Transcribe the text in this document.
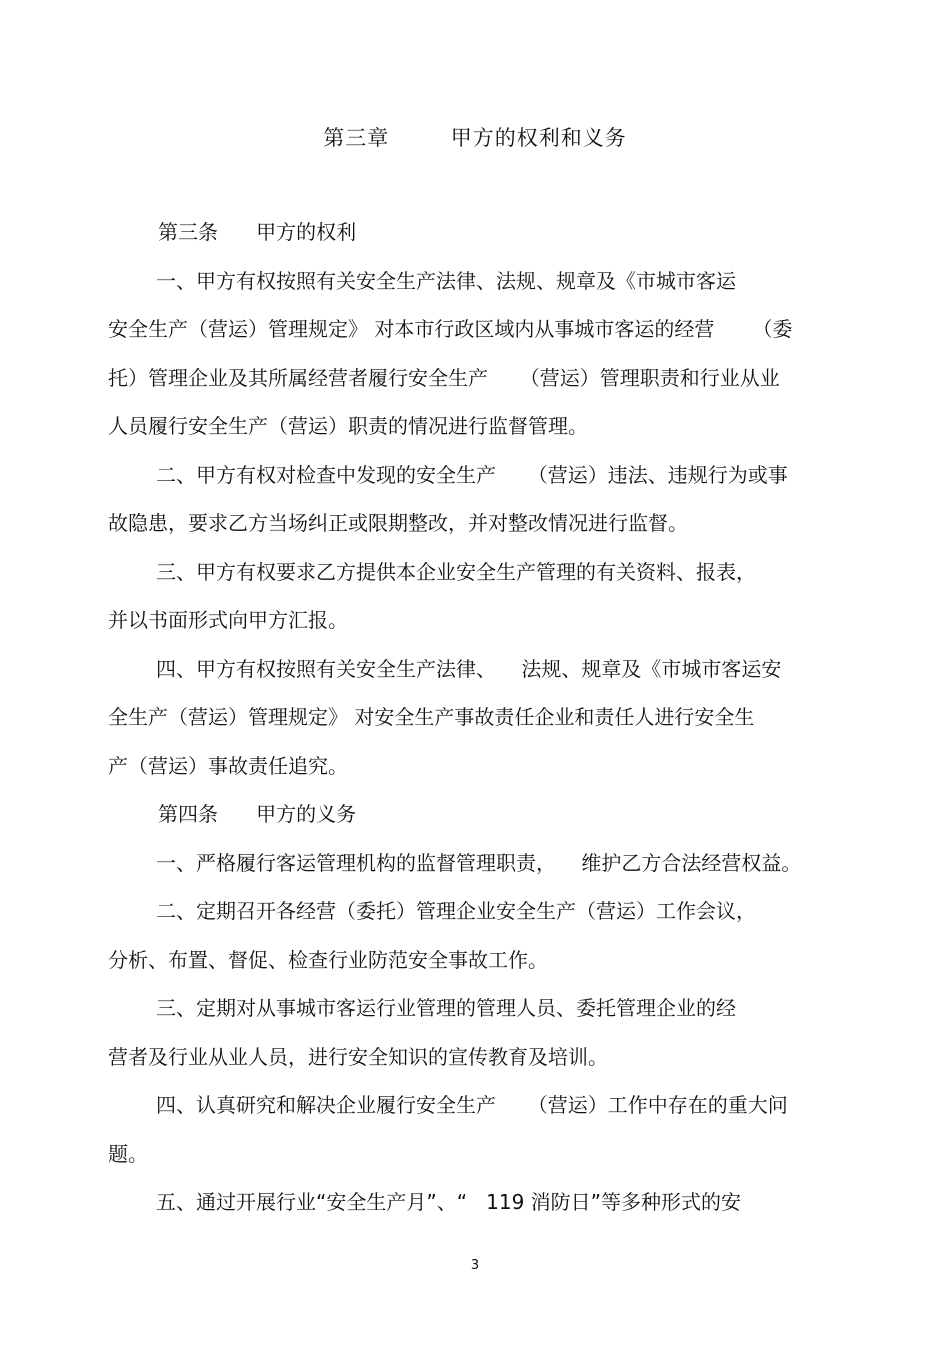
第三章        甲方的权利和义务
第三条      甲方的权利
一、甲方有权按照有关安全生产法律、法规、规章及《市城市客运
安全生产（营运）管理规定》 对本市行政区域内从事城市客运的经营      （委
托）管理企业及其所属经营者履行安全生产     （营运）管理职责和行业从业
人员履行安全生产（营运）职责的情况进行监督管理。
二、甲方有权对检查中发现的安全生产     （营运）违法、违规行为或事
故隐患，要求乙方当场纠正或限期整改，并对整改情况进行监督。
三、甲方有权要求乙方提供本企业安全生产管理的有关资料、报表，
并以书面形式向甲方汇报。
四、甲方有权按照有关安全生产法律、    法规、规章及《市城市客运安
全生产（营运）管理规定》 对安全生产事故责任企业和责任人进行安全生
产（营运）事故责任追究。
第四条      甲方的义务
一、严格履行客运管理机构的监督管理职责，    维护乙方合法经营权益。
二、定期召开各经营（委托）管理企业安全生产（营运）工作会议，
分析、布置、督促、检查行业防范安全事故工作。
三、定期对从事城市客运行业管理的管理人员、委托管理企业的经
营者及行业从业人员，进行安全知识的宣传教育及培训。
四、认真研究和解决企业履行安全生产     （营运）工作中存在的重大问
题。
五、通过开展行业“安全生产月”、“   119 消防日”等多种形式的安
3
